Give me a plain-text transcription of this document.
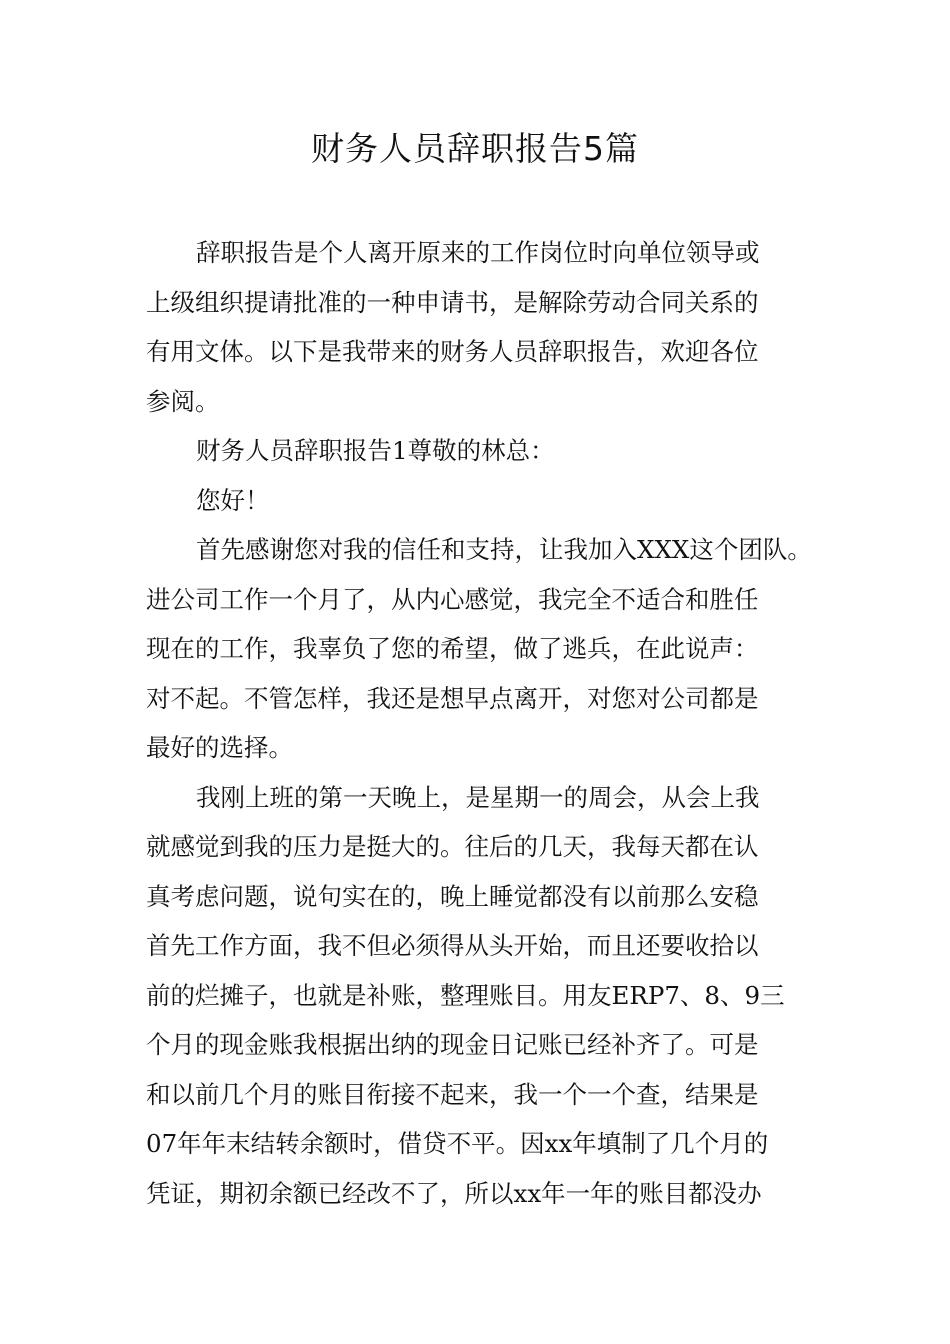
财务人员辞职报告5篇
辞职报告是个人离开原来的工作岗位时向单位领导或
上级组织提请批准的一种申请书，是解除劳动合同关系的
有用文体。以下是我带来的财务人员辞职报告，欢迎各位
参阅。
财务人员辞职报告1尊敬的林总：
您好！
首先感谢您对我的信任和支持，让我加入XXX这个团队。
进公司工作一个月了，从内心感觉，我完全不适合和胜任
现在的工作，我辜负了您的希望，做了逃兵，在此说声：
对不起。不管怎样，我还是想早点离开，对您对公司都是
最好的选择。
我刚上班的第一天晚上，是星期一的周会，从会上我
就感觉到我的压力是挺大的。往后的几天，我每天都在认
真考虑问题，说句实在的，晚上睡觉都没有以前那么安稳
首先工作方面，我不但必须得从头开始，而且还要收拾以
前的烂摊子，也就是补账，整理账目。用友ERP7、8、9三
个月的现金账我根据出纳的现金日记账已经补齐了。可是
和以前几个月的账目衔接不起来，我一个一个查，结果是
07年年末结转余额时，借贷不平。因xx年填制了几个月的
凭证，期初余额已经改不了，所以xx年一年的账目都没办
